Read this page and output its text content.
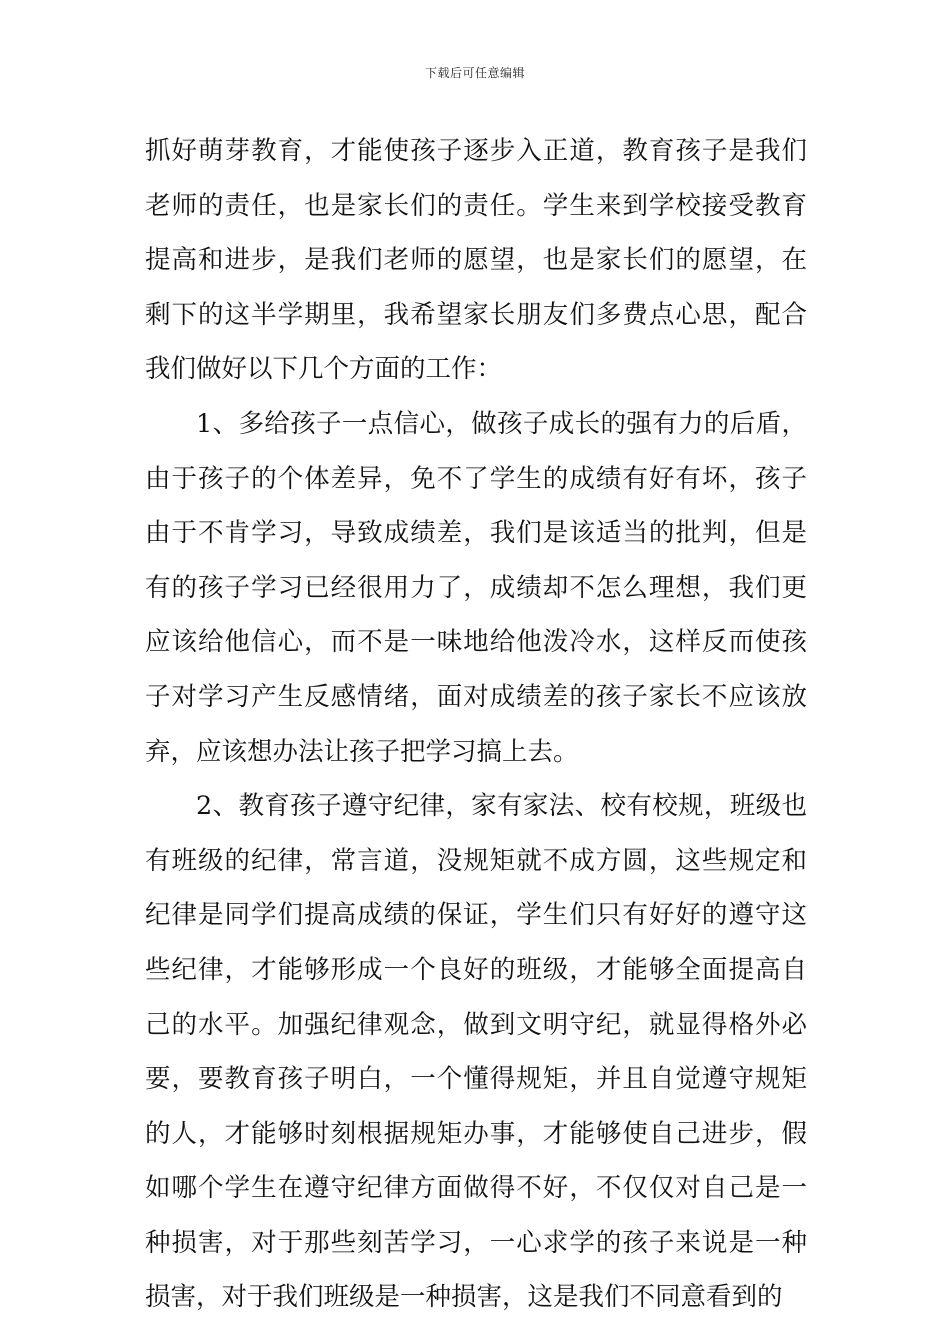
下载后可任意编辑

抓好萌芽教育，才能使孩子逐步入正道，教育孩子是我们老师的责任，也是家长们的责任。学生来到学校接受教育提高和进步，是我们老师的愿望，也是家长们的愿望，在剩下的这半学期里，我希望家长朋友们多费点心思，配合我们做好以下几个方面的工作：

1、多给孩子一点信心，做孩子成长的强有力的后盾，由于孩子的个体差异，免不了学生的成绩有好有坏，孩子由于不肯学习，导致成绩差，我们是该适当的批判，但是有的孩子学习已经很用力了，成绩却不怎么理想，我们更应该给他信心，而不是一味地给他泼冷水，这样反而使孩子对学习产生反感情绪，面对成绩差的孩子家长不应该放弃，应该想办法让孩子把学习搞上去。

2、教育孩子遵守纪律，家有家法、校有校规，班级也有班级的纪律，常言道，没规矩就不成方圆，这些规定和纪律是同学们提高成绩的保证，学生们只有好好的遵守这些纪律，才能够形成一个良好的班级，才能够全面提高自己的水平。加强纪律观念，做到文明守纪，就显得格外必要，要教育孩子明白，一个懂得规矩，并且自觉遵守规矩的人，才能够时刻根据规矩办事，才能够使自己进步，假如哪个学生在遵守纪律方面做得不好，不仅仅对自己是一种损害，对于那些刻苦学习，一心求学的孩子来说是一种损害，对于我们班级是一种损害，这是我们不同意看到的
